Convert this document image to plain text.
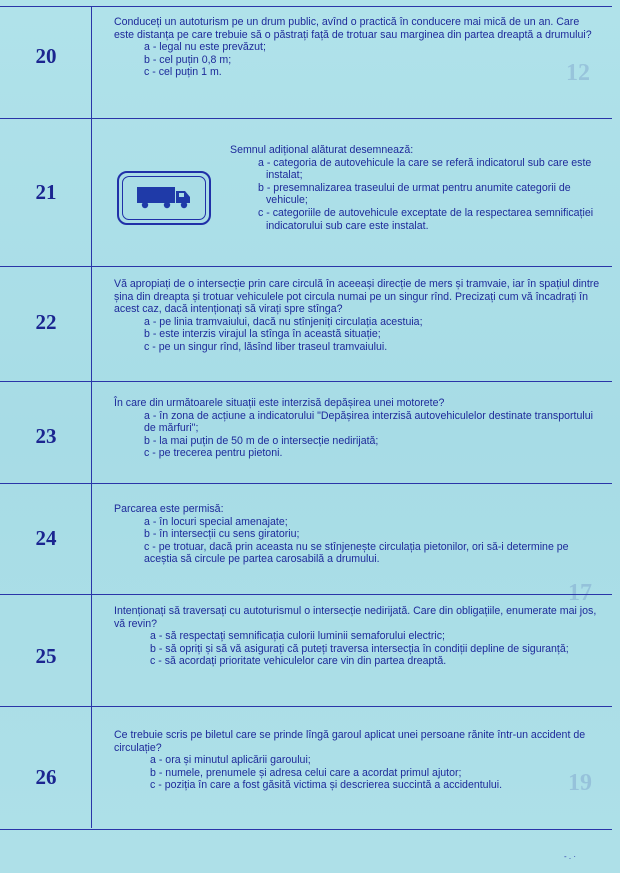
12
17
19
20

Conduceți un autoturism pe un drum public, avînd o practică în conducere mai mică de un an. Care este distanța pe care trebuie să o păstrați față de trotuar sau marginea din partea dreaptă a drumului?

a - legal nu este prevăzut;

b - cel puțin 0,8 m;

c - cel puțin 1 m.

21

Semnul adițional alăturat desemnează:

a - categoria de autovehicule la care se referă indicatorul sub care este instalat;

b - presemnalizarea traseului de urmat pentru anumite categorii de vehicule;

c - categoriile de autovehicule exceptate de la respectarea semnificației indicatorului sub care este instalat.

22

Vă apropiați de o intersecție prin care circulă în aceeași direcție de mers și tramvaie, iar în spațiul dintre șina din dreapta și trotuar vehiculele pot circula numai pe un singur rînd. Precizați cum vă încadrați în acest caz, dacă intenționați să virați spre stînga?

a - pe linia tramvaiului, dacă nu stînjeniți circulația acestuia;

b - este interzis virajul la stînga în această situație;

c - pe un singur rînd, lăsînd liber traseul tramvaiului.

23

În care din următoarele situații este interzisă depășirea unei motorete?

a - în zona de acțiune a indicatorului "Depășirea interzisă autovehiculelor destinate transportului de mărfuri";

b - la mai puțin de 50 m de o intersecție nedirijată;

c - pe trecerea pentru pietoni.

24

Parcarea este permisă:

a - în locuri special amenajate;

b - în intersecții cu sens giratoriu;

c - pe trotuar, dacă prin aceasta nu se stînjenește circulația pietonilor, ori să-i determine pe aceștia să circule pe partea carosabilă a drumului.

25

Intenționați să traversați cu autoturismul o intersecție nedirijată. Care din obligațiile, enumerate mai jos, vă revin?

a - să respectați semnificația culorii luminii semaforului electric;

b - să opriți și să vă asigurați că puteți traversa intersecția în condiții depline de siguranță;

c - să acordați prioritate vehiculelor care vin din partea dreaptă.

26

Ce trebuie scris pe biletul care se prinde lîngă garoul aplicat unei persoane rănite într-un accident de circulație?

a - ora și minutul aplicării garoului;

b - numele, prenumele și adresa celui care a acordat primul ajutor;

c - poziția în care a fost găsită victima și descrierea succintă a accidentului.

- . ·
